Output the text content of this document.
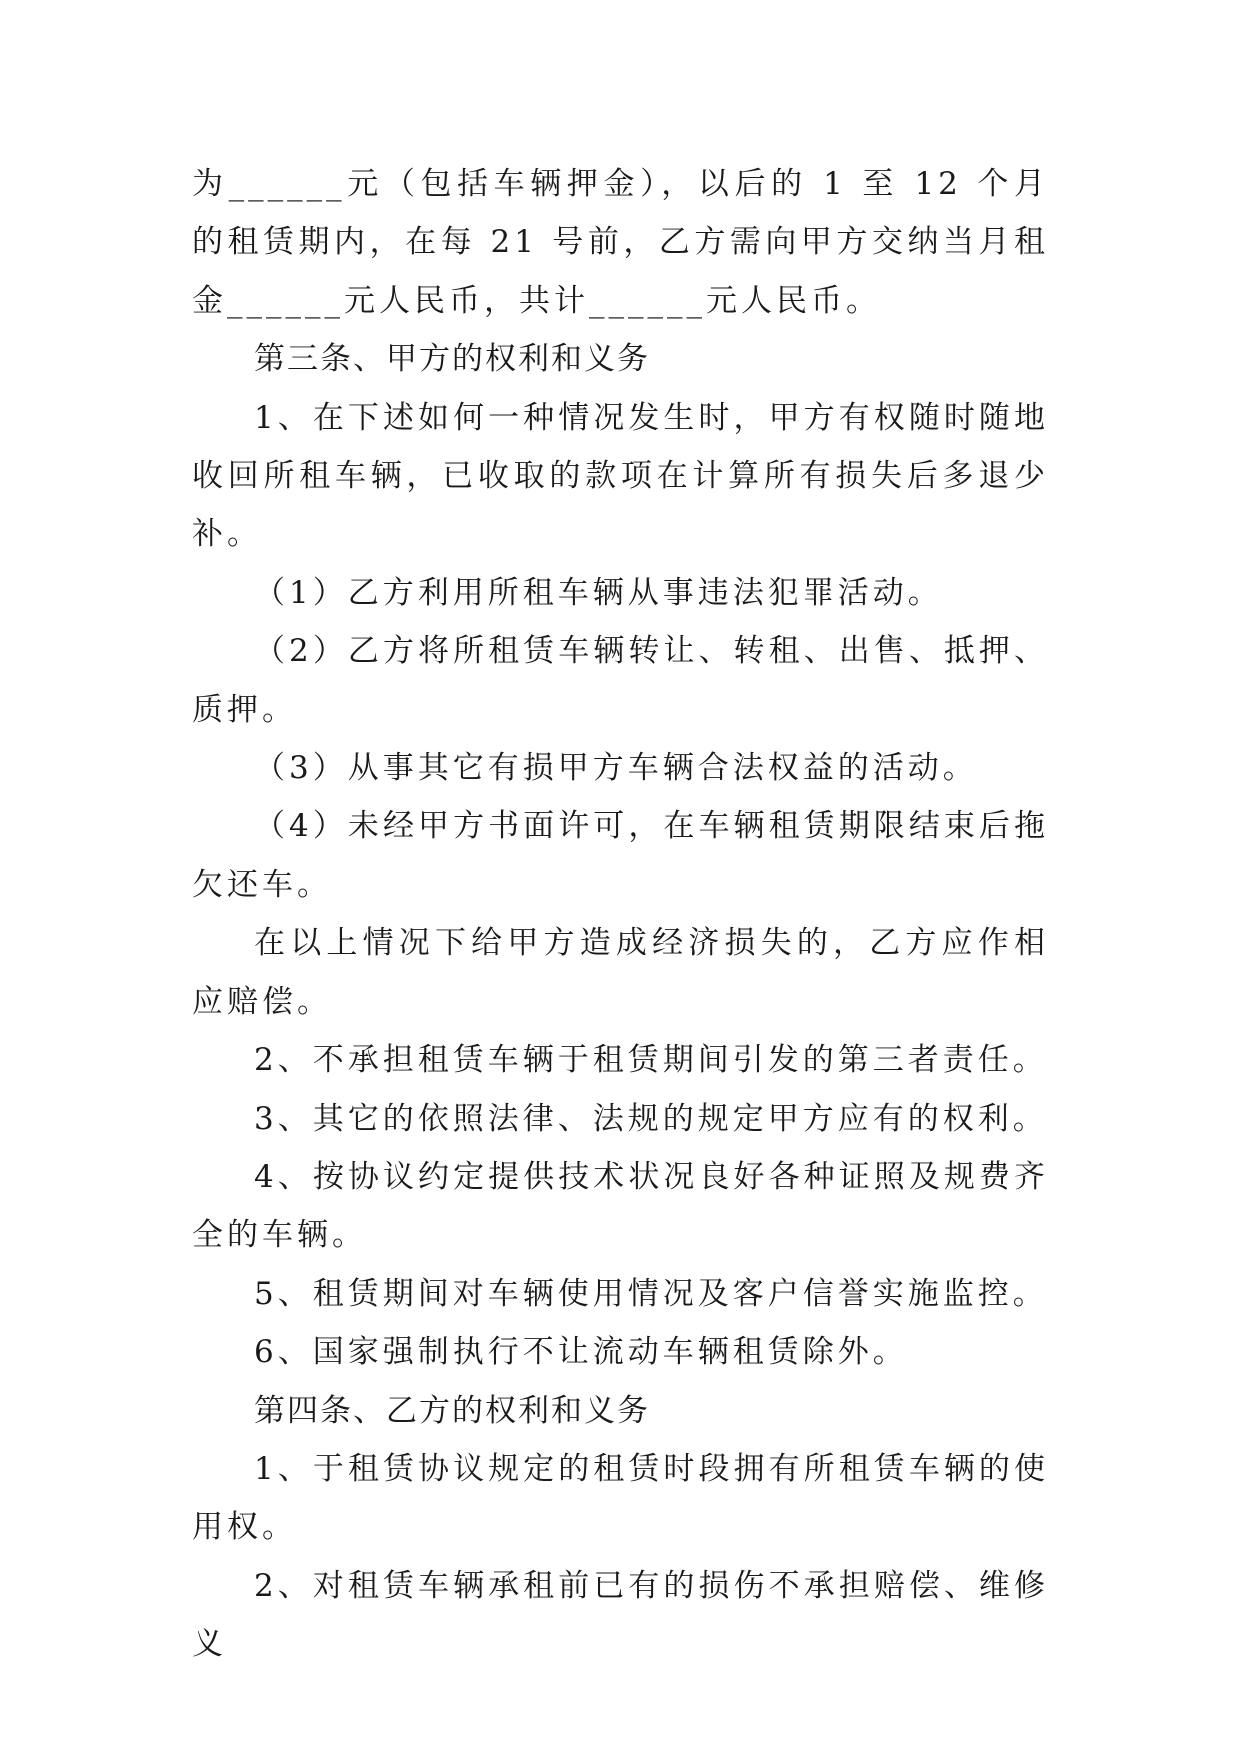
为______元（包括车辆押金），以后的 1 至 12 个月的租赁期内，在每 21 号前，乙方需向甲方交纳当月租金______元人民币，共计______元人民币。

第三条、甲方的权利和义务

1、在下述如何一种情况发生时，甲方有权随时随地收回所租车辆，已收取的款项在计算所有损失后多退少补。

（1）乙方利用所租车辆从事违法犯罪活动。

（2）乙方将所租赁车辆转让、转租、出售、抵押、质押。

（3）从事其它有损甲方车辆合法权益的活动。

（4）未经甲方书面许可，在车辆租赁期限结束后拖欠还车。

在以上情况下给甲方造成经济损失的，乙方应作相应赔偿。

2、不承担租赁车辆于租赁期间引发的第三者责任。

3、其它的依照法律、法规的规定甲方应有的权利。

4、按协议约定提供技术状况良好各种证照及规费齐全的车辆。

5、租赁期间对车辆使用情况及客户信誉实施监控。

6、国家强制执行不让流动车辆租赁除外。

第四条、乙方的权利和义务

1、于租赁协议规定的租赁时段拥有所租赁车辆的使用权。

2、对租赁车辆承租前已有的损伤不承担赔偿、维修义
